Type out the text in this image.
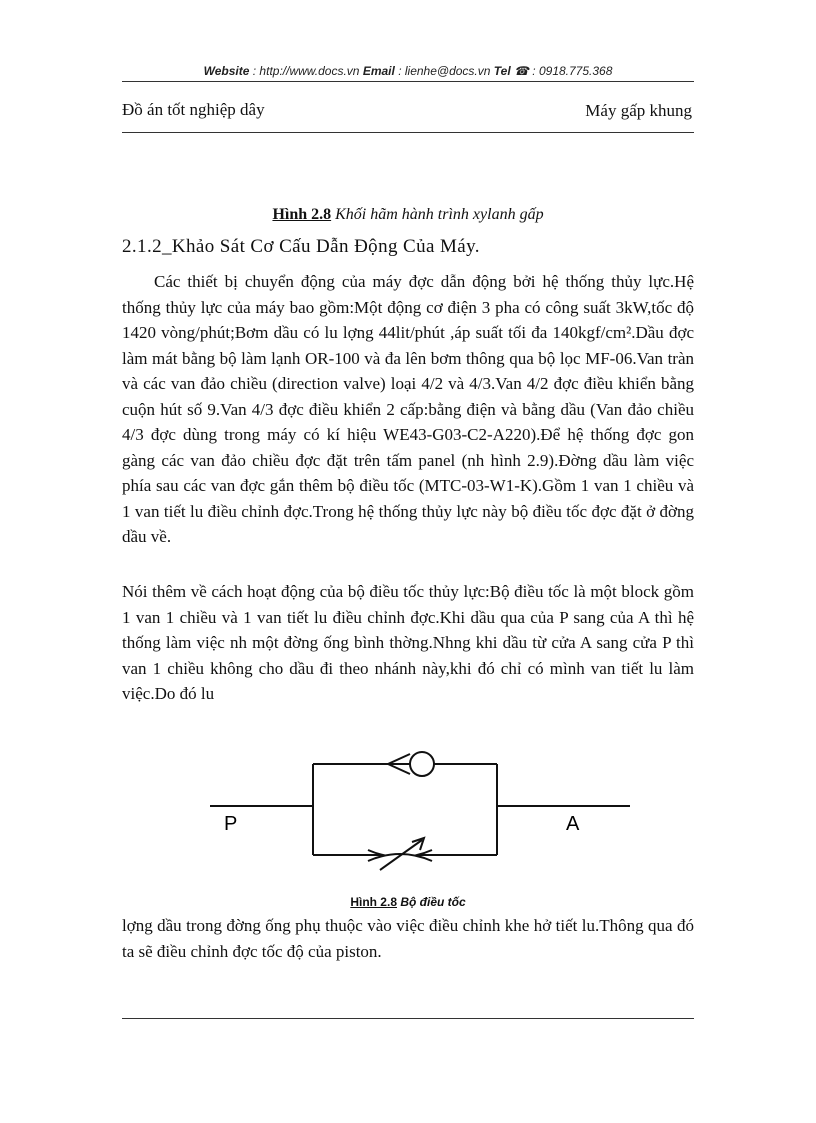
Website : http://www.docs.vn Email : lienhe@docs.vn Tel ☎ : 0918.775.368
Đồ án tốt nghiệp dây	Máy gấp khung
Hình 2.8 Khối hãm hành trình xylanh gấp
2.1.2_Khảo Sát Cơ Cấu Dẫn Động Của Máy.

Các thiết bị chuyển động của máy đợc dẫn động bởi hệ thống thủy lực.Hệ thống thủy lực của máy bao gồm:Một động cơ điện 3 pha có công suất 3kW,tốc độ 1420 vòng/phút;Bơm dầu có lu lợng 44lit/phút ,áp suất tối đa 140kgf/cm².Dầu đợc làm mát bằng bộ làm lạnh OR-100 và đa lên bơm thông qua bộ lọc MF-06.Van tràn và các van đảo chiều (direction valve) loại 4/2 và 4/3.Van 4/2 đợc điều khiển bằng cuộn hút số 9.Van 4/3 đợc điều khiển 2 cấp:bằng điện và bằng dầu (Van đảo chiều 4/3 đợc dùng trong máy có kí hiệu WE43-G03-C2-A220).Để hệ thống đợc gon gàng các van đảo chiều đợc đặt trên tấm panel (nh hình 2.9).Đờng dầu làm việc phía sau các van đợc gắn thêm bộ điều tốc (MTC-03-W1-K).Gồm 1 van 1 chiều và 1 van tiết lu điều chỉnh đợc.Trong hệ thống thủy lực này bộ điều tốc đợc đặt ở đờng dầu về.

Nói thêm về cách hoạt động của bộ điều tốc thủy lực:Bộ điều tốc là một block gồm 1 van 1 chiều và 1 van tiết lu điều chỉnh đợc.Khi dầu qua của P sang của A thì hệ thống làm việc nh một đờng ống bình thờng.Nhng khi dầu từ cửa A sang cửa P thì van 1 chiều không cho dầu đi theo nhánh này,khi đó chỉ có mình van tiết lu làm việc.Do đó lu

P	A
Hình 2.8 Bộ điều tốc

lợng dầu trong đờng ống phụ thuộc vào việc điều chỉnh khe hở tiết lu.Thông qua đó ta sẽ điều chỉnh đợc tốc độ của piston.
